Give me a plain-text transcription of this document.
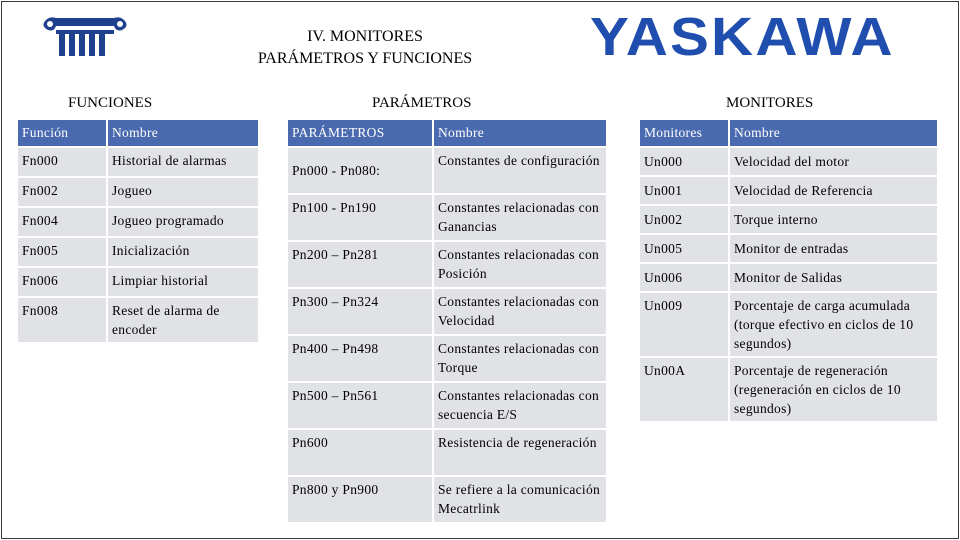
IV. MONITORES
PARÁMETROS Y FUNCIONES	YASKAWA
FUNCIONES	PARÁMETROS	MONITORES
Función	Nombre
Fn000	Historial de alarmas
Fn002	Jogueo
Fn004	Jogueo programado
Fn005	Inicialización
Fn006	Limpiar historial
Fn008	Reset de alarma de encoder
PARÁMETROS	Nombre
Pn000 - Pn080:	Constantes de configuración
Pn100 - Pn190	Constantes relacionadas con Ganancias
Pn200 – Pn281	Constantes relacionadas con Posición
Pn300 – Pn324	Constantes relacionadas con Velocidad
Pn400 – Pn498	Constantes relacionadas con Torque
Pn500 – Pn561	Constantes relacionadas con secuencia E/S
Pn600	Resistencia de regeneración
Pn800 y Pn900	Se refiere a la comunicación Mecatrlink
Monitores	Nombre
Un000	Velocidad del motor
Un001	Velocidad de Referencia
Un002	Torque interno
Un005	Monitor de entradas
Un006	Monitor de Salidas
Un009	Porcentaje de carga acumulada (torque efectivo en ciclos de 10 segundos)
Un00A	Porcentaje de regeneración (regeneración en ciclos de 10 segundos)
